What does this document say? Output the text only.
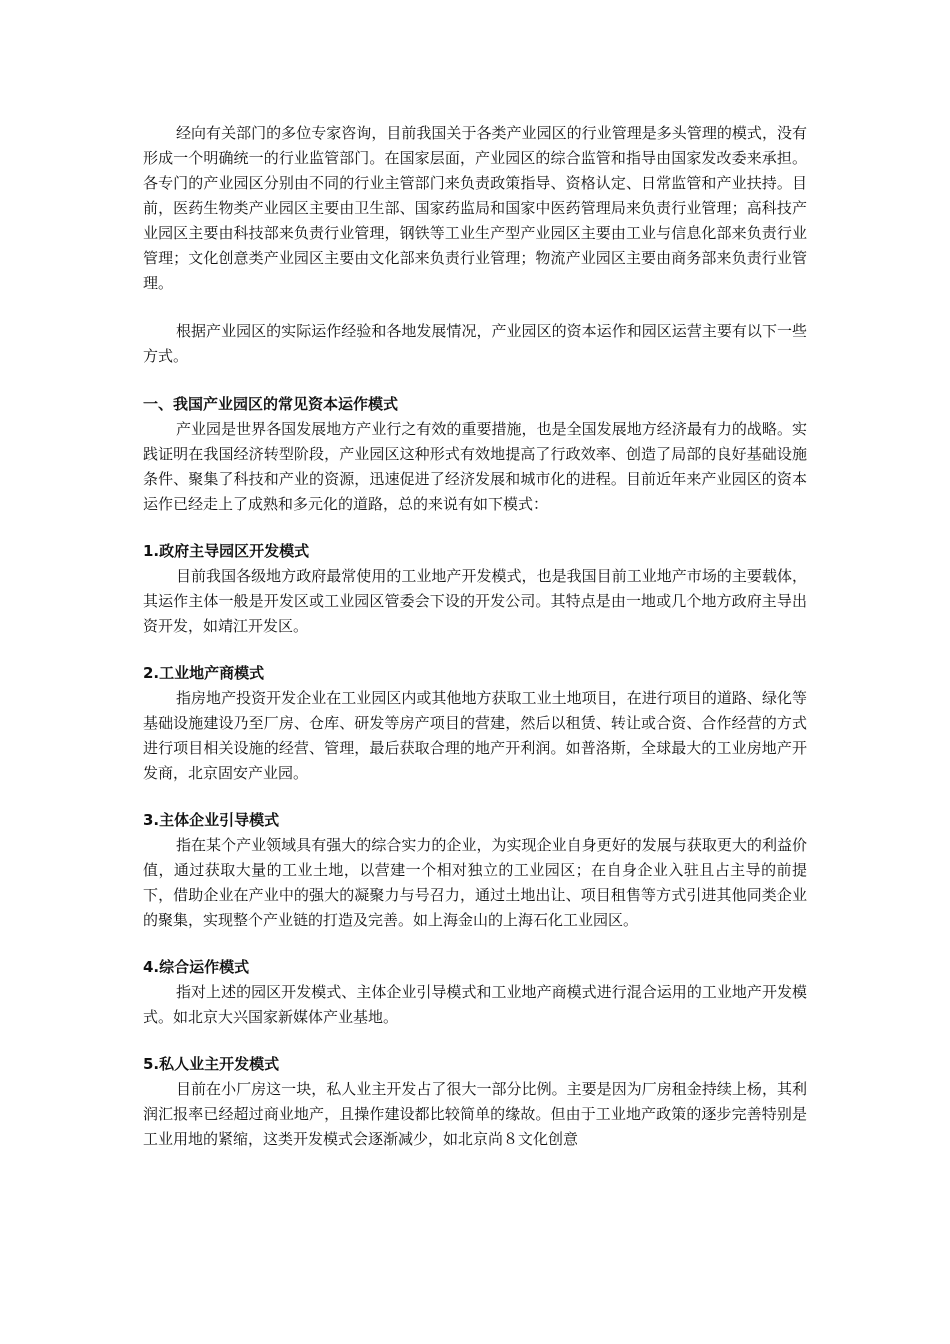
经向有关部门的多位专家咨询，目前我国关于各类产业园区的行业管理是多头管理的模式，没有形成一个明确统一的行业监管部门。在国家层面，产业园区的综合监管和指导由国家发改委来承担。各专门的产业园区分别由不同的行业主管部门来负责政策指导、资格认定、日常监管和产业扶持。目前，医药生物类产业园区主要由卫生部、国家药监局和国家中医药管理局来负责行业管理；高科技产业园区主要由科技部来负责行业管理，钢铁等工业生产型产业园区主要由工业与信息化部来负责行业管理；文化创意类产业园区主要由文化部来负责行业管理；物流产业园区主要由商务部来负责行业管理。

根据产业园区的实际运作经验和各地发展情况，产业园区的资本运作和园区运营主要有以下一些方式。

一、我国产业园区的常见资本运作模式

产业园是世界各国发展地方产业行之有效的重要措施，也是全国发展地方经济最有力的战略。实践证明在我国经济转型阶段，产业园区这种形式有效地提高了行政效率、创造了局部的良好基础设施条件、聚集了科技和产业的资源，迅速促进了经济发展和城市化的进程。目前近年来产业园区的资本运作已经走上了成熟和多元化的道路，总的来说有如下模式：

1.政府主导园区开发模式

目前我国各级地方政府最常使用的工业地产开发模式，也是我国目前工业地产市场的主要载体，其运作主体一般是开发区或工业园区管委会下设的开发公司。其特点是由一地或几个地方政府主导出资开发，如靖江开发区。

2.工业地产商模式

指房地产投资开发企业在工业园区内或其他地方获取工业土地项目，在进行项目的道路、绿化等基础设施建设乃至厂房、仓库、研发等房产项目的营建，然后以租赁、转让或合资、合作经营的方式进行项目相关设施的经营、管理，最后获取合理的地产开利润。如普洛斯，全球最大的工业房地产开发商，北京固安产业园。

3.主体企业引导模式

指在某个产业领域具有强大的综合实力的企业，为实现企业自身更好的发展与获取更大的利益价值，通过获取大量的工业土地，以营建一个相对独立的工业园区；在自身企业入驻且占主导的前提下，借助企业在产业中的强大的凝聚力与号召力，通过土地出让、项目租售等方式引进其他同类企业的聚集，实现整个产业链的打造及完善。如上海金山的上海石化工业园区。

4.综合运作模式

指对上述的园区开发模式、主体企业引导模式和工业地产商模式进行混合运用的工业地产开发模式。如北京大兴国家新媒体产业基地。

5.私人业主开发模式

目前在小厂房这一块，私人业主开发占了很大一部分比例。主要是因为厂房租金持续上杨，其利润汇报率已经超过商业地产，且操作建设都比较简单的缘故。但由于工业地产政策的逐步完善特别是工业用地的紧缩，这类开发模式会逐渐减少，如北京尚８文化创意
